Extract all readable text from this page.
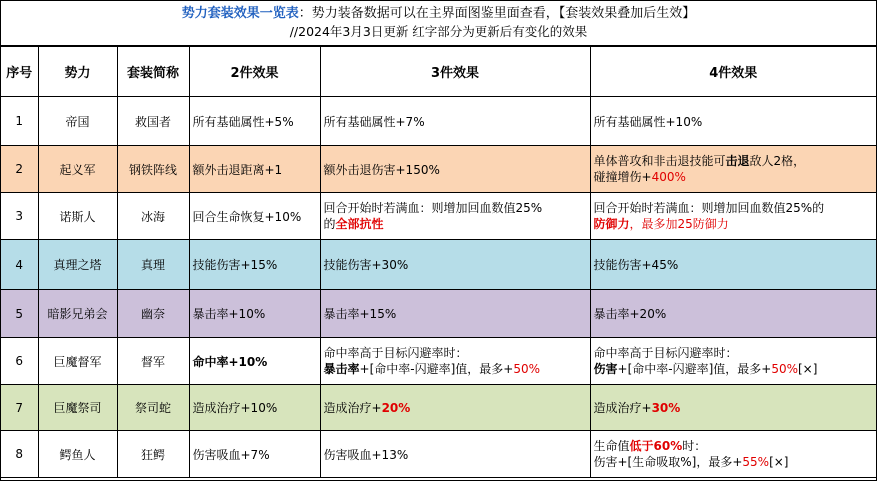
势力套装效果一览表：势力装备数据可以在主界面图鉴里面查看，【套装效果叠加后生效】
//2024年3月3日更新 红字部分为更新后有变化的效果
序号	势力	套装简称	2件效果	3件效果	4件效果
1	帝国	救国者	所有基础属性+5%	所有基础属性+7%	所有基础属性+10%
2	起义军	钢铁阵线	额外击退距离+1	额外击退伤害+150%	单体普攻和非击退技能可击退敌人2格，
碰撞增伤+400%

3	诺斯人	冰海	回合生命恢复+10%	回合开始时若满血：则增加回血数值25%
的全部抗性	回合开始时若满血：则增加回血数值25%的
防御力，最多加25防御力

4	真理之塔	真理	技能伤害+15%	技能伤害+30%	技能伤害+45%
5	暗影兄弟会	幽奈	暴击率+10%	暴击率+15%	暴击率+20%
6	巨魔督军	督军	命中率+10%	命中率高于目标闪避率时：
暴击率+[命中率-闪避率]值，最多+50%	命中率高于目标闪避率时：
伤害+[命中率-闪避率]值，最多+50%[×]

7	巨魔祭司	祭司蛇	造成治疗+10%	造成治疗+20%	造成治疗+30%
8	鳄鱼人	狂鳄	伤害吸血+7%	伤害吸血+13%	生命值低于60%时：
伤害+[生命吸取%]，最多+55%[×]
